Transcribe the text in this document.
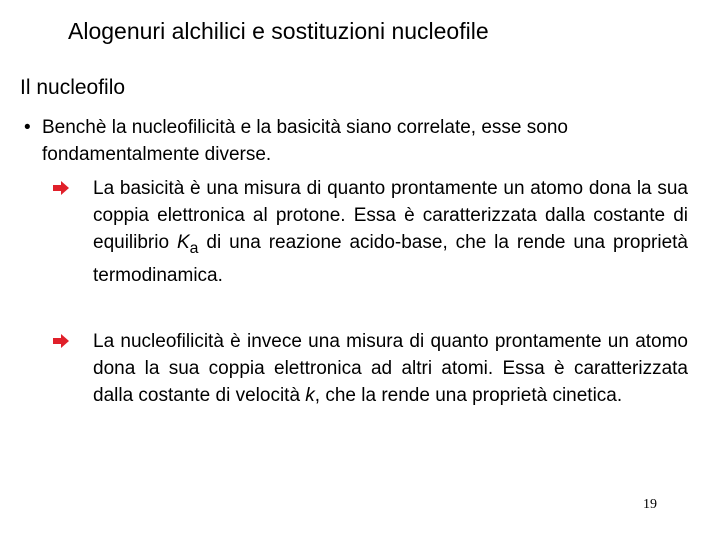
Alogenuri alchilici e sostituzioni nucleofile
Il nucleofilo
• Benchè la nucleofilicità e la basicità siano correlate, esse sono fondamentalmente diverse.
La basicità è una misura di quanto prontamente un atomo dona la sua coppia elettronica al protone. Essa è caratterizzata dalla costante di equilibrio $K_a$ di una reazione acido-base, che la rende una proprietà termodinamica.
La nucleofilicità è invece una misura di quanto prontamente un atomo dona la sua coppia elettronica ad altri atomi. Essa è caratterizzata dalla costante di velocità k, che la rende una proprietà cinetica.
19
